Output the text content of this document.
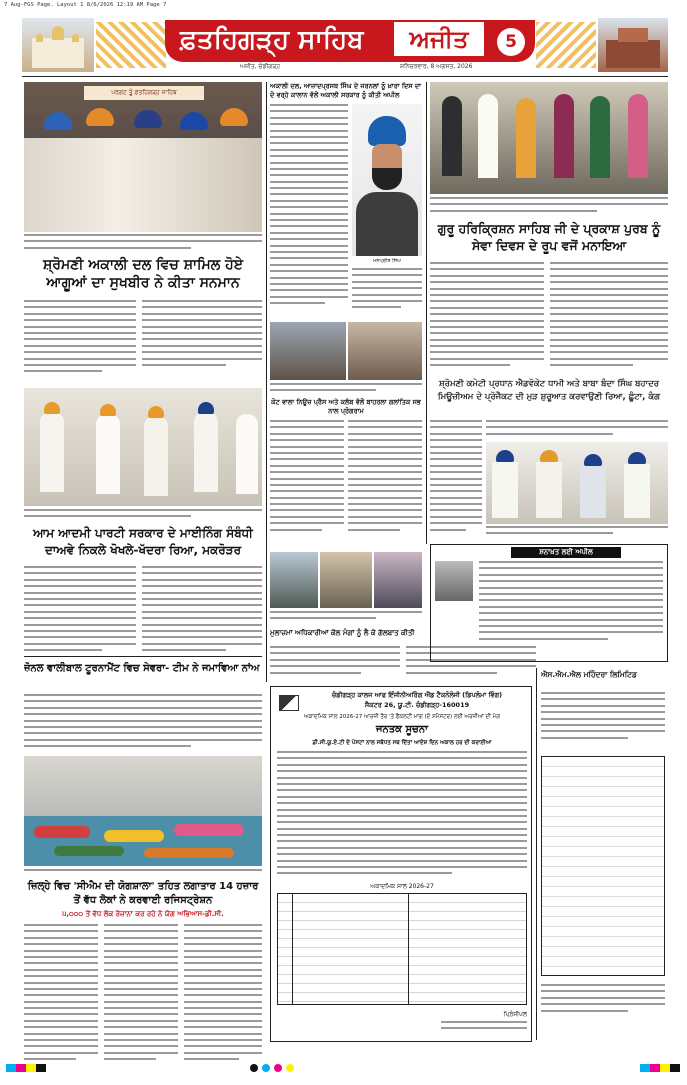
7 Aug-FGS Page. Layout 1 8/6/2026 12:19 AM Page 7
ਫ਼ਤਹਿਗੜ੍ਹ ਸਾਹਿਬ	ਅਜੀਤ	5
ਅਜੀਤ, ਚੰਡੀਗੜ੍ਹ	ਸ਼ਨਿਚਰਵਾਰ, 8 ਅਗਸਤ, 2026
ਪਰਗਟ ਤੂੰ ਫ਼ਤਹਿਗੜ੍ਹ ਸਾਹਿਬ
ਸ਼੍ਰੋਮਣੀ ਅਕਾਲੀ ਦਲ ਵਿਚ ਸ਼ਾਮਿਲ ਹੋਏ ਆਗੂਆਂ ਦਾ ਸੁਖਬੀਰ ਨੇ ਕੀਤਾ ਸਨਮਾਨ
ਆਮ ਆਦਮੀ ਪਾਰਟੀ ਸਰਕਾਰ ਦੇ ਮਾਈਨਿੰਗ ਸੰਬੰਧੀ ਦਾਅਵੇ ਨਿਕਲੇ ਖੋਖਲੇ-ਖੱਦਰਾ ਰਿਆ, ਮਕਰੋੜਰ
ਜ਼ੋਨਲ ਵਾਲੀਬਾਲ ਟੂਰਨਾਮੈਂਟ ਵਿਚ ਸੇਵਰਾ- ਟੀਮ ਨੇ ਜਮਾਵਿਆ ਨਾਂਅ
ਜ਼ਿਲ੍ਹੇ ਵਿਚ 'ਸੀਐਮ ਦੀ ਯੋਗਸ਼ਾਲਾ' ਤਹਿਤ ਲਗਾਤਾਰ 14 ਹਜ਼ਾਰ ਤੋਂ ਵੱਧ ਲੋਕਾਂ ਨੇ ਕਰਵਾਈ ਰਜਿਸਟ੍ਰੇਸ਼ਨ
੫,੦੦੦ ਤੋਂ ਵੱਧ ਲੋਕ ਰੋਜ਼ਾਨਾ ਕਰ ਰਹੇ ਨੇ ਯੋਗ ਅਭਿਆਸ-ਡੀ.ਸੀ.
ਅਕਾਲੀ ਦਲ, ਆਜ਼ਾਦਪ੍ਰਸਥ ਸਿੰਘ ਦੇ ਜਰਨਲਾਂ ਨੂੰ ਖ਼ਾਰਾ ਦਿਸ ਦਾ ਦੋ ਵਰ੍ਹੇ ਕਾਲਾਨ ਵੱਲੋਂ ਅਕਾਲੀ ਸਰਕਾਰ ਨੂੰ ਕੀਤੀ ਅਪੀਲ
ਮਨਪ੍ਰੀਤ ਸਿੰਘ
ਕੋਟ ਵਾਲਾ ਨਿਊਜ਼ ਪ੍ਰੈਸ ਅਤੇ ਕਲੱਬ ਵੱਲੋਂ ਬਾਹਰਲਾ ਗਲਾਂਤਿਕ ਸਭ ਨਾਲ ਪ੍ਰੋਗਰਾਮ
ਮੁਲਾਜ਼ਮਾਂ ਅਧਿਕਾਰੀਆਂ ਕੋਲ ਮੰਗਾਂ ਨੂੰ ਲੈ ਕੇ ਗੱਲਬਾਤ ਕੀਤੀ
ਗੁਰੂ ਹਰਿਕ੍ਰਿਸ਼ਨ ਸਾਹਿਬ ਜੀ ਦੇ ਪ੍ਰਕਾਸ਼ ਪੁਰਬ ਨੂੰ ਸੇਵਾ ਦਿਵਸ ਦੇ ਰੂਪ ਵਜੋਂ ਮਨਾਇਆ
ਸ਼੍ਰੋਮਣੀ ਕਮੇਟੀ ਪ੍ਰਧਾਨ ਐਡਵੋਕੇਟ ਧਾਮੀ ਅਤੇ ਬਾਬਾ ਬੰਦਾ ਸਿੰਘ ਬਹਾਦਰ ਮਿਊਜ਼ੀਅਮ ਦੇ ਪ੍ਰੋਜੈਕਟ ਦੀ ਮੁੜ ਸ਼ੁਰੂਆਤ ਕਰਵਾਉਣੀ ਰਿਆ, ਛੂੰਟਾ, ਕੰਗ
ਸ਼ਨਾਖ਼ਤ ਲਈ ਅਪੀਲ
ਐਸ.ਐਮ.ਐਲ ਮਹਿੰਦਰਾ ਲਿਮਿਟਿਡ
ਚੰਡੀਗੜ੍ਹ ਕਾਲਜ ਆਫ ਇੰਜੀਨੀਅਰਿੰਗ ਐਂਡ ਟੈਕਨੋਲੋਜੀ (ਡਿਪਲੋਮਾ ਵਿੰਗ)
ਸੈਕਟਰ 26, ਯੂ.ਟੀ. ਚੰਡੀਗੜ੍ਹ-160019
ਅਕਾਦਮਿਕ ਸਾਲ 2026-27 ਆਰਜ਼ੀ ਤੌਰ 'ਤੇ ਫੈਕਲਟੀ ਮਾਂਗ (ਦੋ ਸਮੈਸਟਰ) ਲਈ ਅਰਜ਼ੀਆਂ ਦੀ ਮੰਗ
ਜਨਤਕ ਸੂਚਨਾ
ਡੀ.ਸੀ.ਯੂ.ਏ.ਟੀ ਦੇ ਪੋਸਟਾਂ ਨਾਲ ਸਬੰਧਤ ਸਬ ਦਿੱਤਾ ਆਦੇਸ਼ ਦਿਨ ਅਕਾਲ ਹਰ ਦੀ ਕਰਾਈਆ
ਅਕਾਦਮਿਕ ਸਾਲ 2026-27
ਪ੍ਰਿੰਸੀਪਲ
